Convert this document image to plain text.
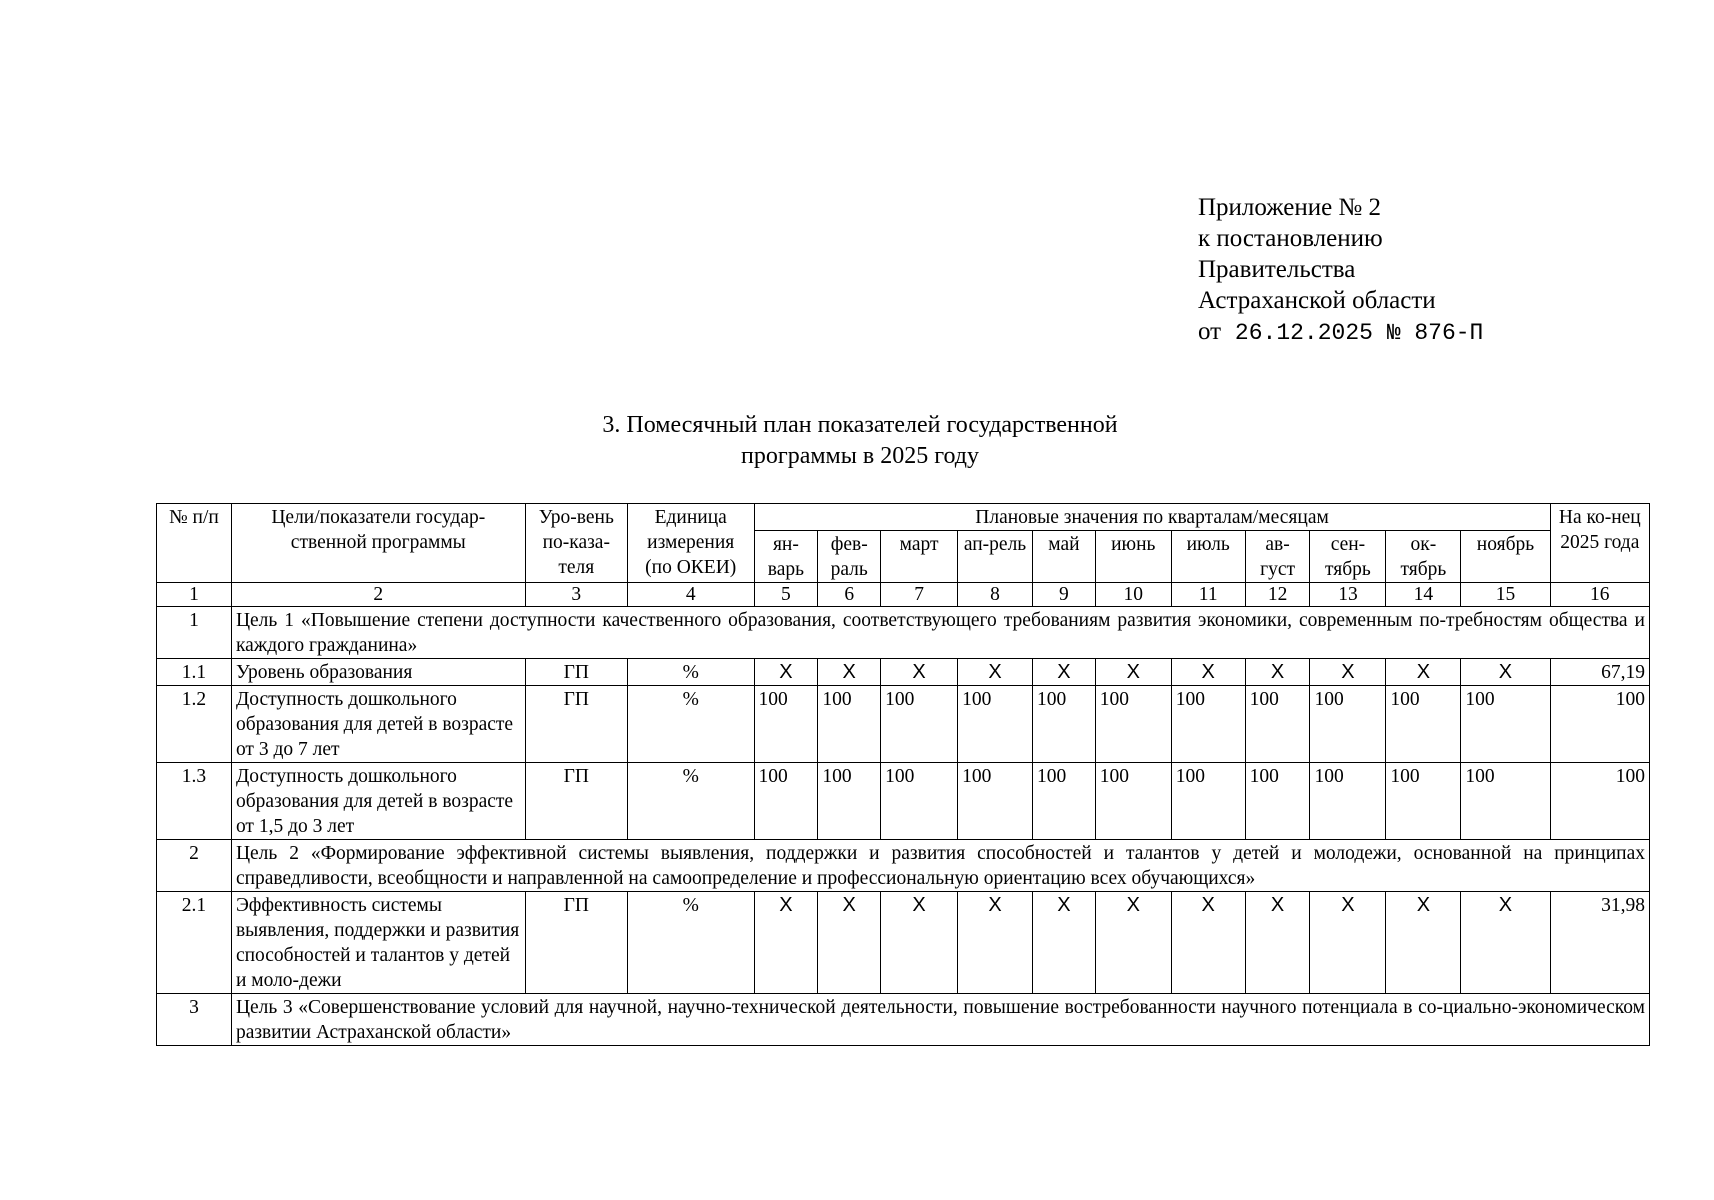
Приложение № 2
к постановлению
Правительства
Астраханской области
от 26.12.2025 № 876-П
3. Помесячный план показателей государственной
программы в 2025 году
№ п/п	Цели/показатели государ-ственной программы	Уро-вень по-каза-теля	Единица измерения (по ОКЕИ)	Плановые значения по кварталам/месяцам											На ко-нец 2025 года
				ян-варь	фев-раль	март	ап-рель	май	июнь	июль	ав-густ	сен-тябрь	ок-тябрь	ноябрь	
1	2	3	4	5	6	7	8	9	10	11	12	13	14	15	16
1	Цель 1 «Повышение степени доступности качественного образования, соответствующего требованиям развития экономики, современным по-требностям общества и каждого гражданина»														
1.1	Уровень образования	ГП	%	Х	Х	Х	Х	Х	Х	Х	Х	Х	Х	Х	67,19
1.2	Доступность дошкольного образования для детей в возрасте от 3 до 7 лет	ГП	%	100	100	100	100	100	100	100	100	100	100	100	100
1.3	Доступность дошкольного образования для детей в возрасте от 1,5 до 3 лет	ГП	%	100	100	100	100	100	100	100	100	100	100	100	100
2	Цель 2 «Формирование эффективной системы выявления, поддержки и развития способностей и талантов у детей и молодежи, основанной на принципах справедливости, всеобщности и направленной на самоопределение и профессиональную ориентацию всех обучающихся»														
2.1	Эффективность системы выявления, поддержки и развития способностей и талантов у детей и моло-дежи	ГП	%	Х	Х	Х	Х	Х	Х	Х	Х	Х	Х	Х	31,98
3	Цель 3 «Совершенствование условий для научной, научно-технической деятельности, повышение востребованности научного потенциала в со-циально-экономическом развитии Астраханской области»														
